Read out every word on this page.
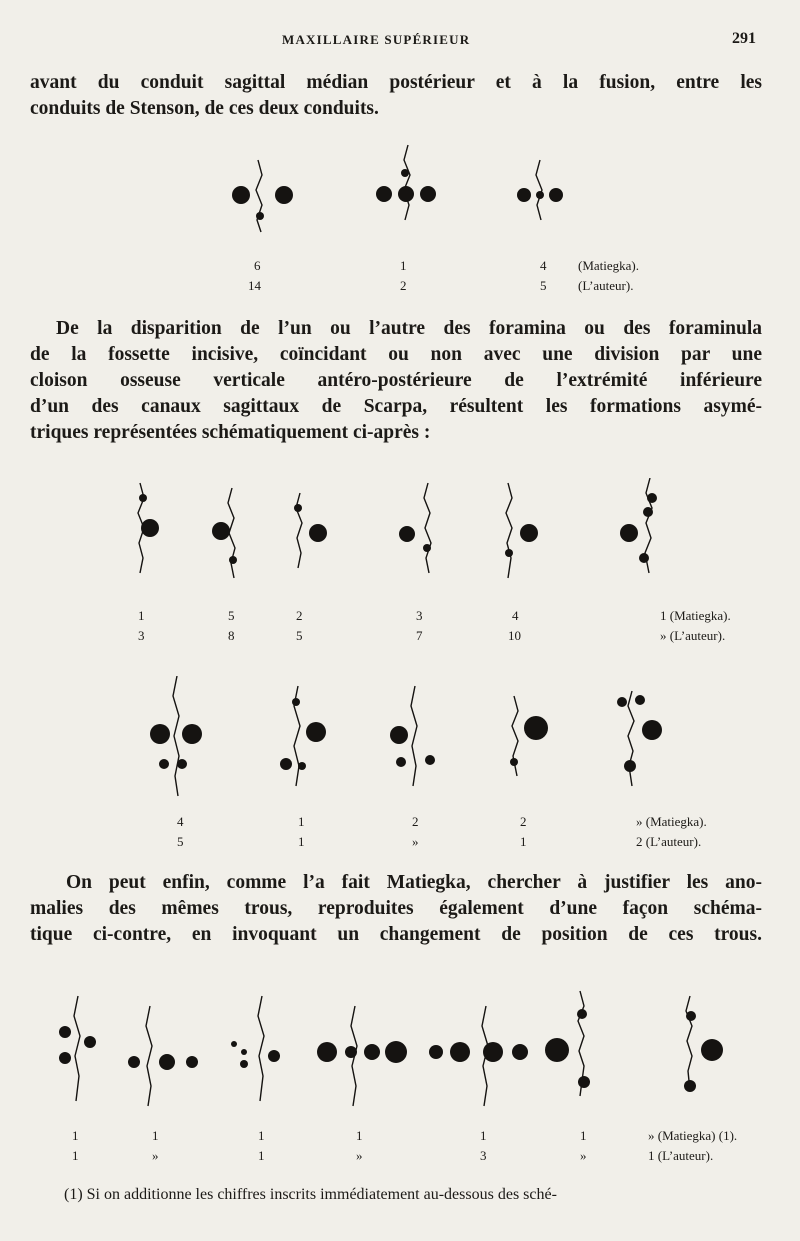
MAXILLAIRE SUPÉRIEUR	291

avant du conduit sagittal médian postérieur et à la fusion, entre les
conduits de Stenson, de ces deux conduits.

6	1	4 (Matiegka).
14	2	5 (L’auteur).

De la disparition de l’un ou l’autre des foramina ou des foraminula
de la fossette incisive, coïncidant ou non avec une division par une
cloison osseuse verticale antéro-postérieure de l’extrémité inférieure
d’un des canaux sagittaux de Scarpa, résultent les formations asymé-
triques représentées schématiquement ci-après :

1	5	2	3	4	1 (Matiegka).
3	8	5	7	10	» (L’auteur).
4	1	2	2	» (Matiegka).
5	1	»	1	2 (L’auteur).

On peut enfin, comme l’a fait Matiegka, chercher à justifier les ano-
malies des mêmes trous, reproduites également d’une façon schéma-
tique ci-contre, en invoquant un changement de position de ces trous.

1	1	1	1	1	1	» (Matiegka) (1).
1	»	1	»	3	»	1 (L’auteur).
(1) Si on additionne les chiffres inscrits immédiatement au-dessous des sché-
